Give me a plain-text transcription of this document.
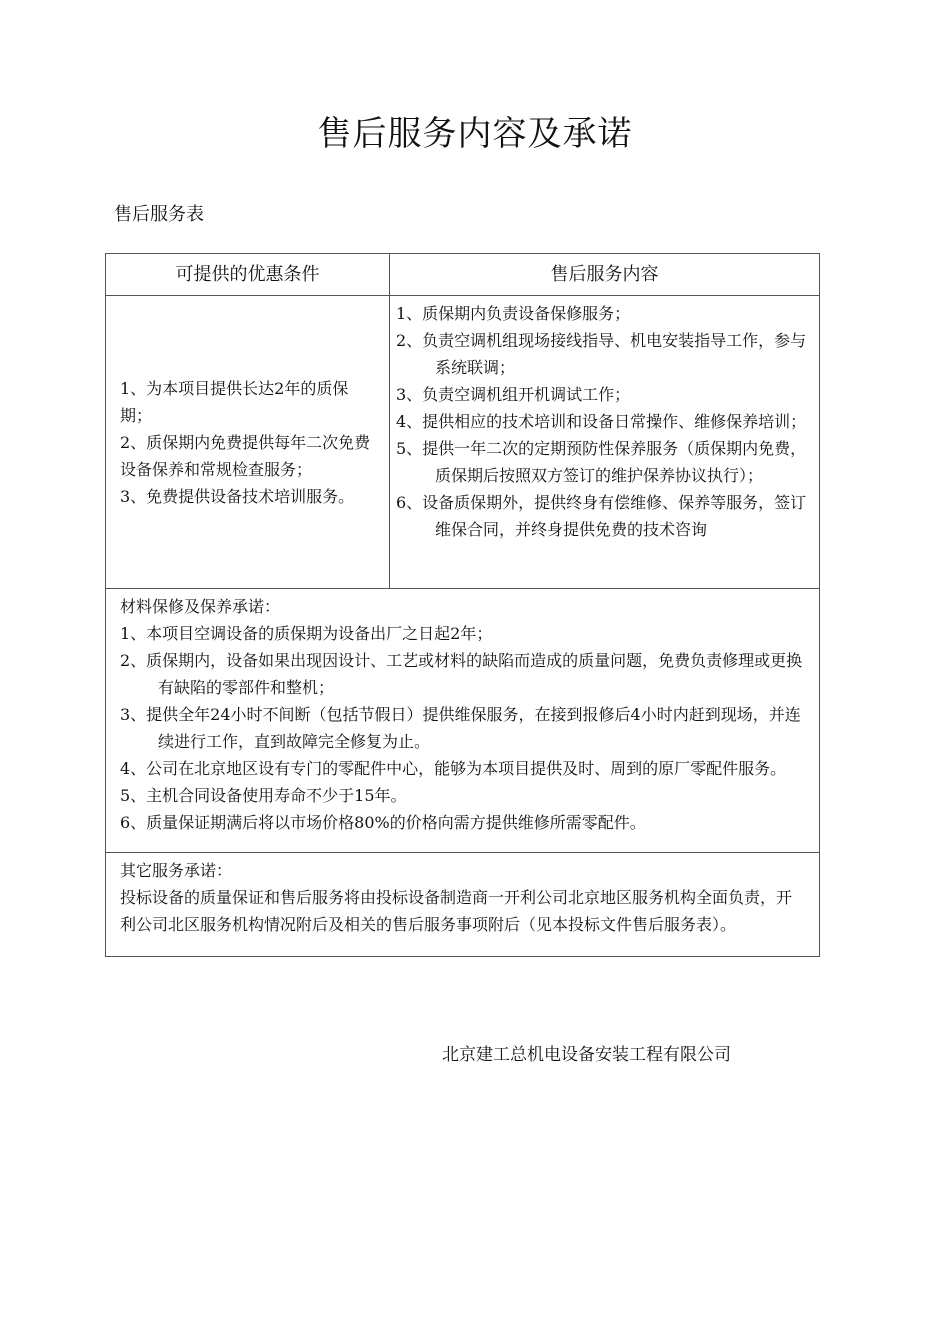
售后服务内容及承诺
售后服务表
可提供的优惠条件	售后服务内容

1、为本项目提供长达2年的质保期；

2、质保期内免费提供每年二次免费设备保养和常规检查服务；

3、免费提供设备技术培训服务。

1、质保期内负责设备保修服务；

2、负责空调机组现场接线指导、机电安装指导工作，参与系统联调；

3、负责空调机组开机调试工作；

4、提供相应的技术培训和设备日常操作、维修保养培训；

5、提供一年二次的定期预防性保养服务（质保期内免费，质保期后按照双方签订的维护保养协议执行）；

6、设备质保期外，提供终身有偿维修、保养等服务，签订维保合同，并终身提供免费的技术咨询

材料保修及保养承诺：

1、本项目空调设备的质保期为设备出厂之日起2年；

2、质保期内，设备如果出现因设计、工艺或材料的缺陷而造成的质量问题，免费负责修理或更换有缺陷的零部件和整机；

3、提供全年24小时不间断（包括节假日）提供维保服务，在接到报修后4小时内赶到现场，并连续进行工作，直到故障完全修复为止。

4、公司在北京地区设有专门的零配件中心，能够为本项目提供及时、周到的原厂零配件服务。

5、主机合同设备使用寿命不少于15年。

6、质量保证期满后将以市场价格80%的价格向需方提供维修所需零配件。

其它服务承诺：
投标设备的质量保证和售后服务将由投标设备制造商一开利公司北京地区服务机构全面负责，开利公司北区服务机构情况附后及相关的售后服务事项附后（见本投标文件售后服务表）。
北京建工总机电设备安装工程有限公司
